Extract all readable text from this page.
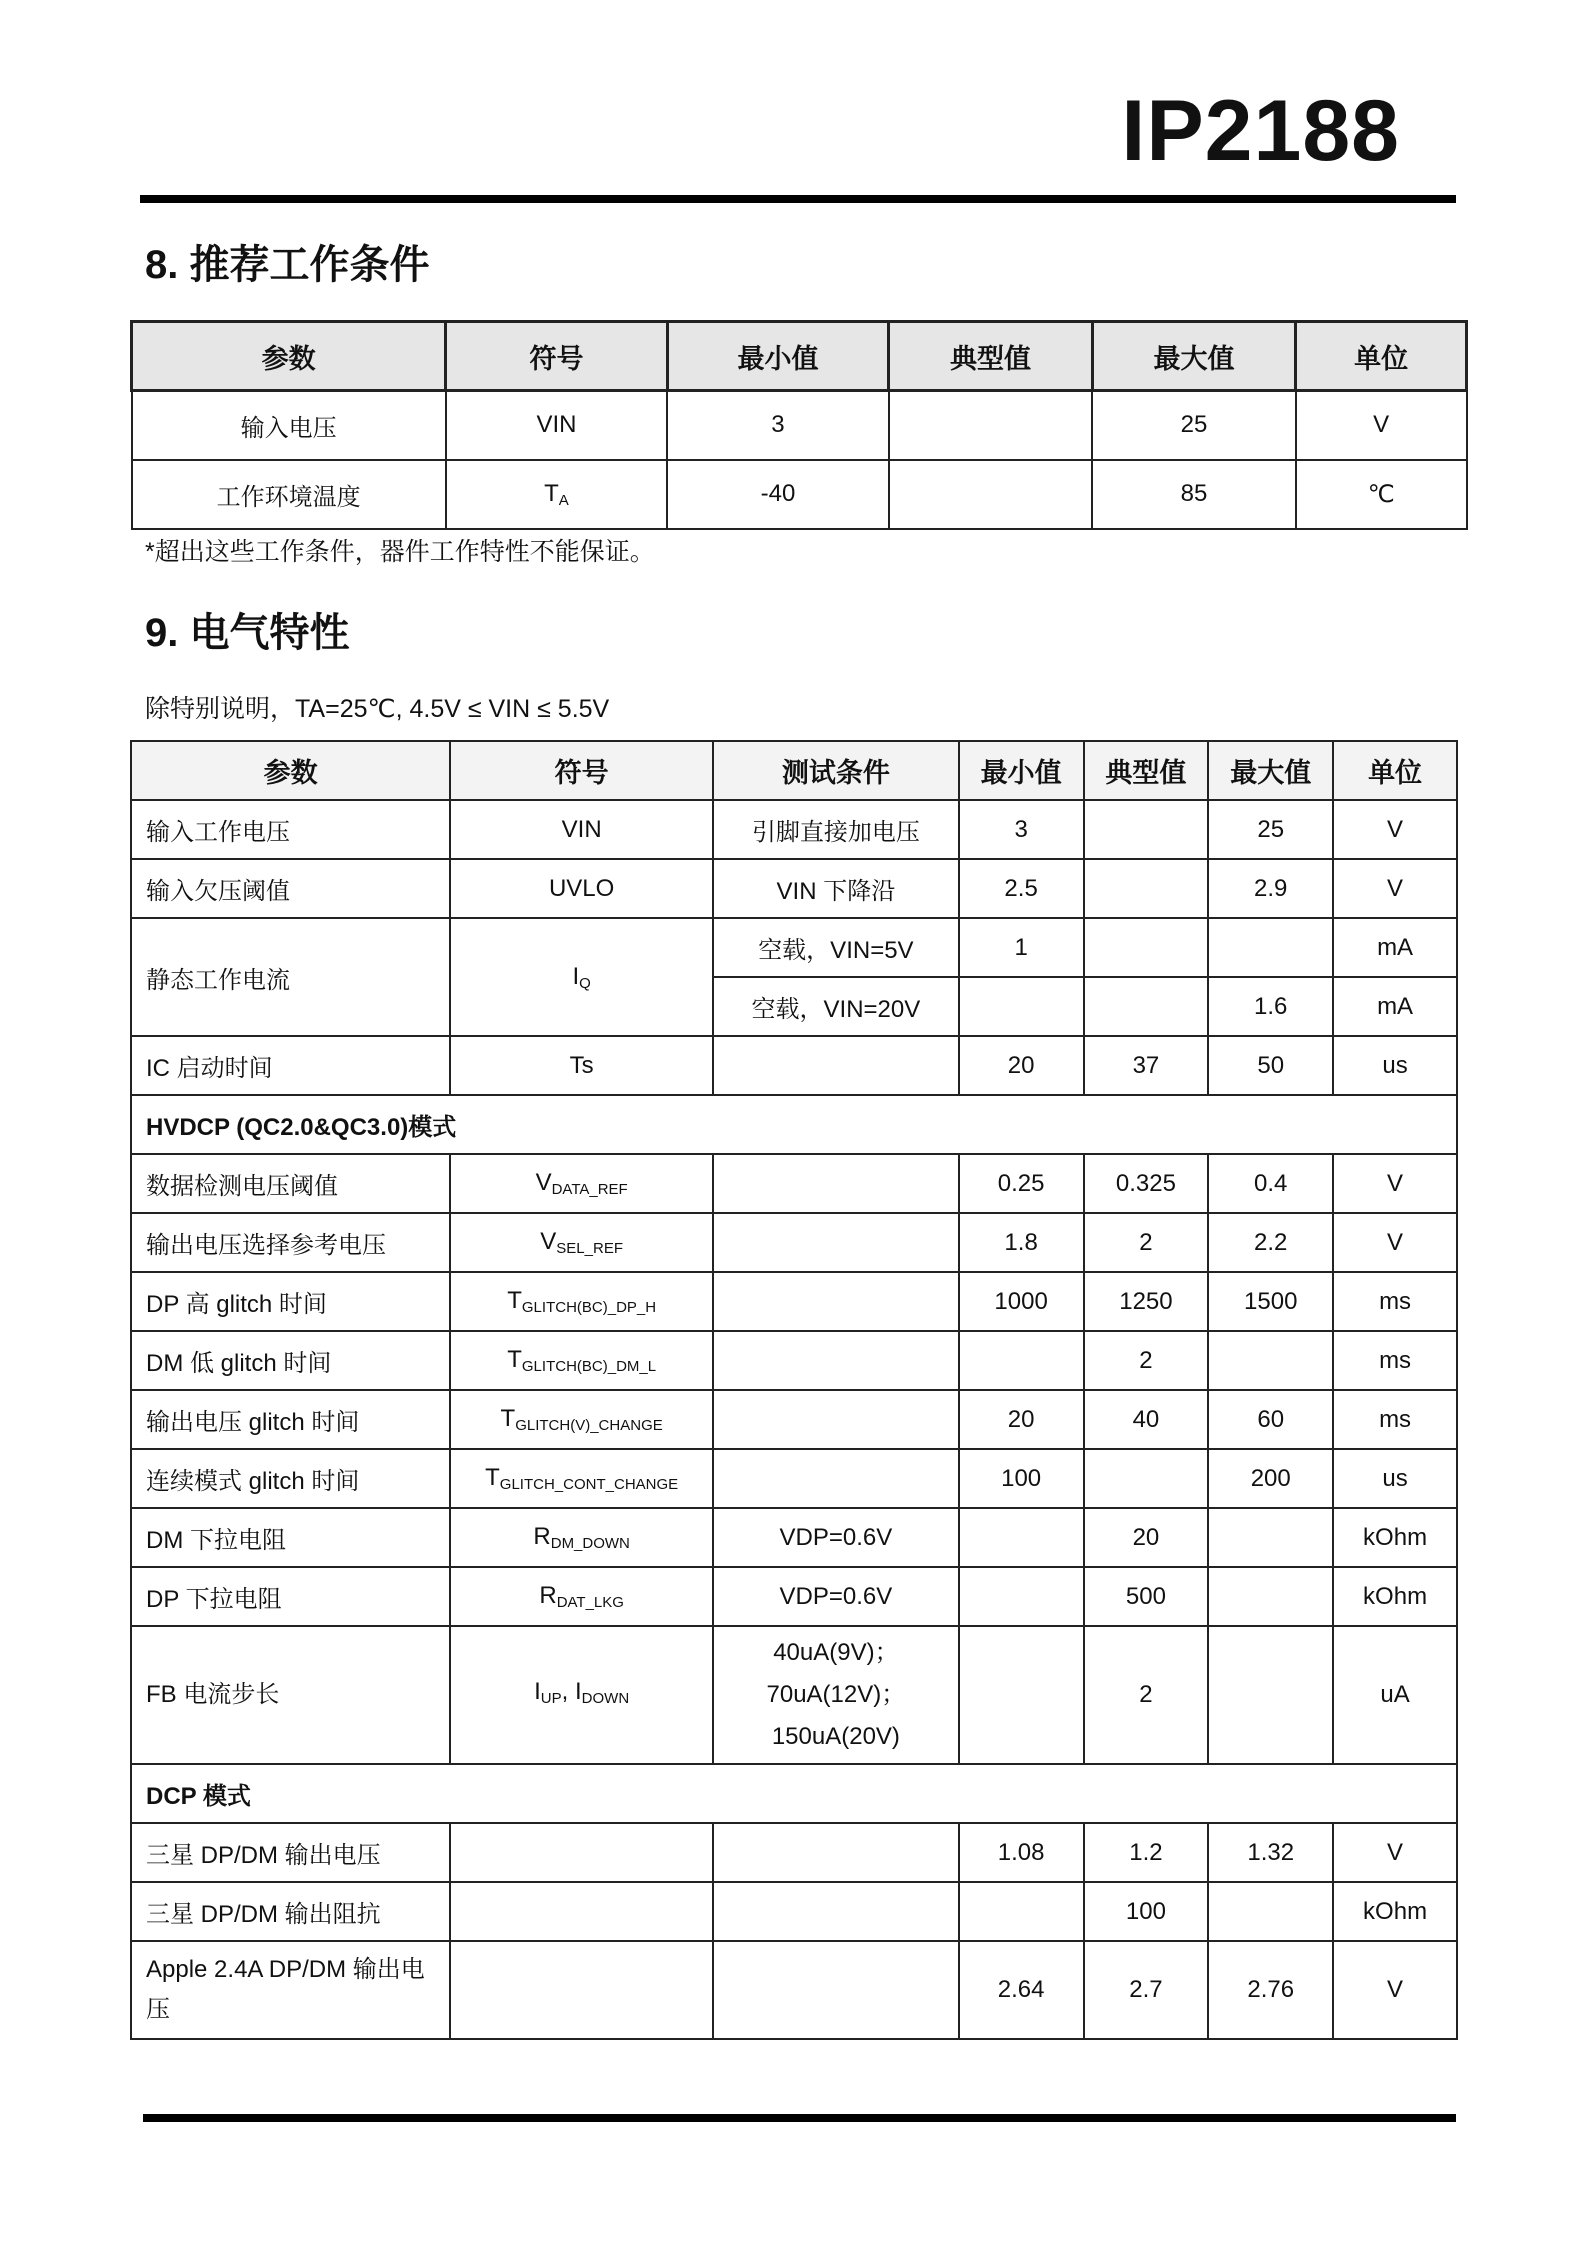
IP2188
8. 推荐工作条件
参数	符号	最小值	典型值	最大值	单位
输入电压	VIN	3		25	V
工作环境温度	$T_A$	-40		85	℃
*超出这些工作条件，器件工作特性不能保证。
9. 电气特性
除特别说明，TA=25℃, 4.5V ≤ VIN ≤ 5.5V
参数	符号	测试条件	最小值	典型值	最大值	单位
输入工作电压	VIN	引脚直接加电压	3		25	V
输入欠压阈值	UVLO	VIN 下降沿	2.5		2.9	V
静态工作电流	$I_Q$	空载，VIN=5V	1			mA
		空载，VIN=20V			1.6	mA
IC 启动时间	Ts		20	37	50	us
HVDCP (QC2.0&QC3.0)模式						
数据检测电压阈值	$V_{DATA\_REF}$		0.25	0.325	0.4	V
输出电压选择参考电压	$V_{SEL\_REF}$		1.8	2	2.2	V
DP 高 glitch 时间	$T_{GLITCH(BC)\_DP\_H}$		1000	1250	1500	ms
DM 低 glitch 时间	$T_{GLITCH(BC)\_DM\_L}$			2		ms
输出电压 glitch 时间	$T_{GLITCH(V)\_CHANGE}$		20	40	60	ms
连续模式 glitch 时间	$T_{GLITCH\_CONT\_CHANGE}$		100		200	us
DM 下拉电阻	$R_{DM\_DOWN}$	VDP=0.6V		20		kOhm
DP 下拉电阻	$R_{DAT\_LKG}$	VDP=0.6V		500		kOhm
FB 电流步长	$I_{UP}$, $I_{DOWN}$	40uA(9V)；
70uA(12V)；
150uA(20V)		2		uA
DCP 模式						
三星 DP/DM 输出电压			1.08	1.2	1.32	V
三星 DP/DM 输出阻抗				100		kOhm
Apple 2.4A DP/DM 输出电压			2.64	2.7	2.76	V
